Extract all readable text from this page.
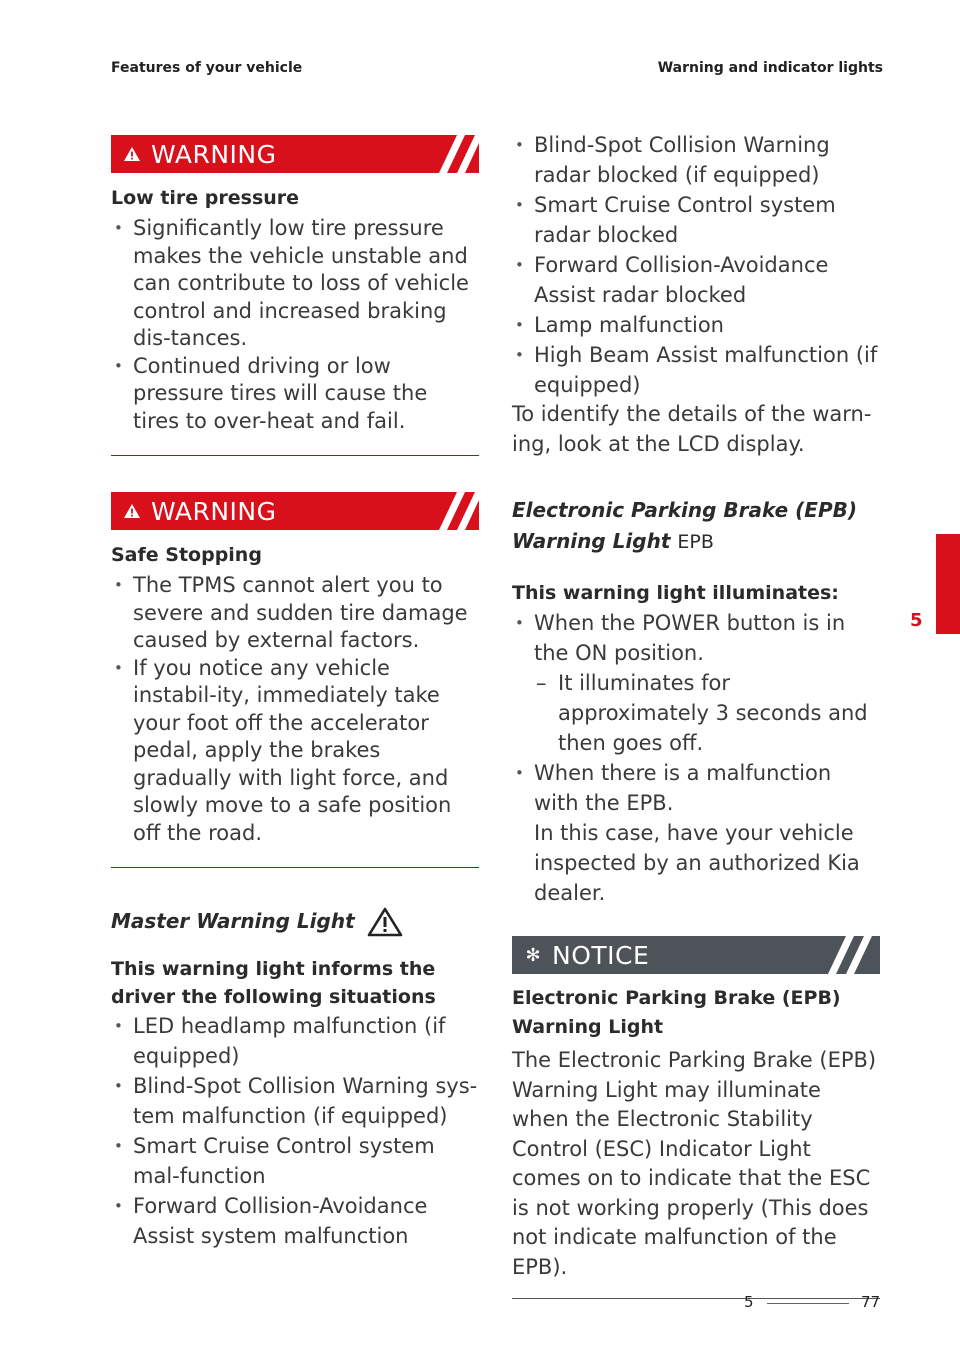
Features of your vehicle	Warning and indicator lights
WARNING
Low tire pressure
• Significantly low tire pressure makes the vehicle unstable and can contribute to loss of vehicle control and increased braking dis-tances.
• Continued driving or low pressure tires will cause the tires to over-heat and fail.
WARNING
Safe Stopping
• The TPMS cannot alert you to severe and sudden tire damage caused by external factors.
• If you notice any vehicle instabil-ity, immediately take your foot off the accelerator pedal, apply the brakes gradually with light force, and slowly move to a safe position off the road.
Master Warning Light
This warning light informs the driver the following situations
• LED headlamp malfunction (if equipped)
• Blind-Spot Collision Warning sys-tem malfunction (if equipped)
• Smart Cruise Control system mal-function
• Forward Collision-Avoidance Assist system malfunction
• Blind-Spot Collision Warning radar blocked (if equipped)
• Smart Cruise Control system radar blocked
• Forward Collision-Avoidance Assist radar blocked
• Lamp malfunction
• High Beam Assist malfunction (if equipped)
To identify the details of the warn-ing, look at the LCD display.
Electronic Parking Brake (EPB)
Warning Light EPB
This warning light illuminates:
• When the POWER button is in the ON position.
– It illuminates for approximately 3 seconds and then goes off.
• When there is a malfunction with the EPB.
In this case, have your vehicle inspected by an authorized Kia dealer.
✻ NOTICE
Electronic Parking Brake (EPB) Warning Light
The Electronic Parking Brake (EPB) Warning Light may illuminate when the Electronic Stability Control (ESC) Indicator Light comes on to indicate that the ESC is not working properly (This does not indicate malfunction of the EPB).
5
5	77
